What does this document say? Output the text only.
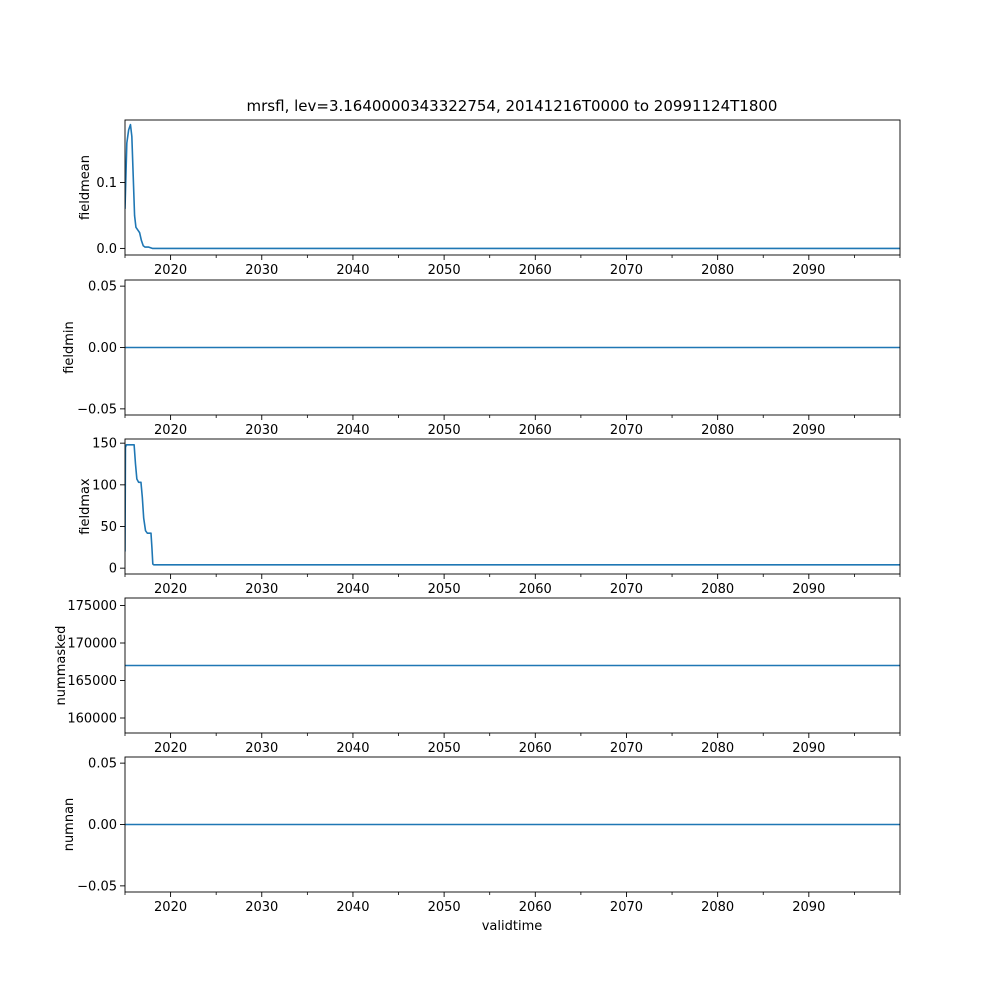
mrsfl, lev=3.1640000343322754, 20141216T0000 to 20991124T1800
2020	2030	2040	2050	2060	2070	2080	2090
0.0
0.1
fieldmean
2020	2030	2040	2050	2060	2070	2080	2090
−0.05
0.00
0.05
fieldmin
2020	2030	2040	2050	2060	2070	2080	2090
0
50
100
150
fieldmax
2020	2030	2040	2050	2060	2070	2080	2090
160000
165000
170000
175000
nummasked
2020	2030	2040	2050	2060	2070	2080	2090
−0.05
0.00
0.05
numnan
validtime
